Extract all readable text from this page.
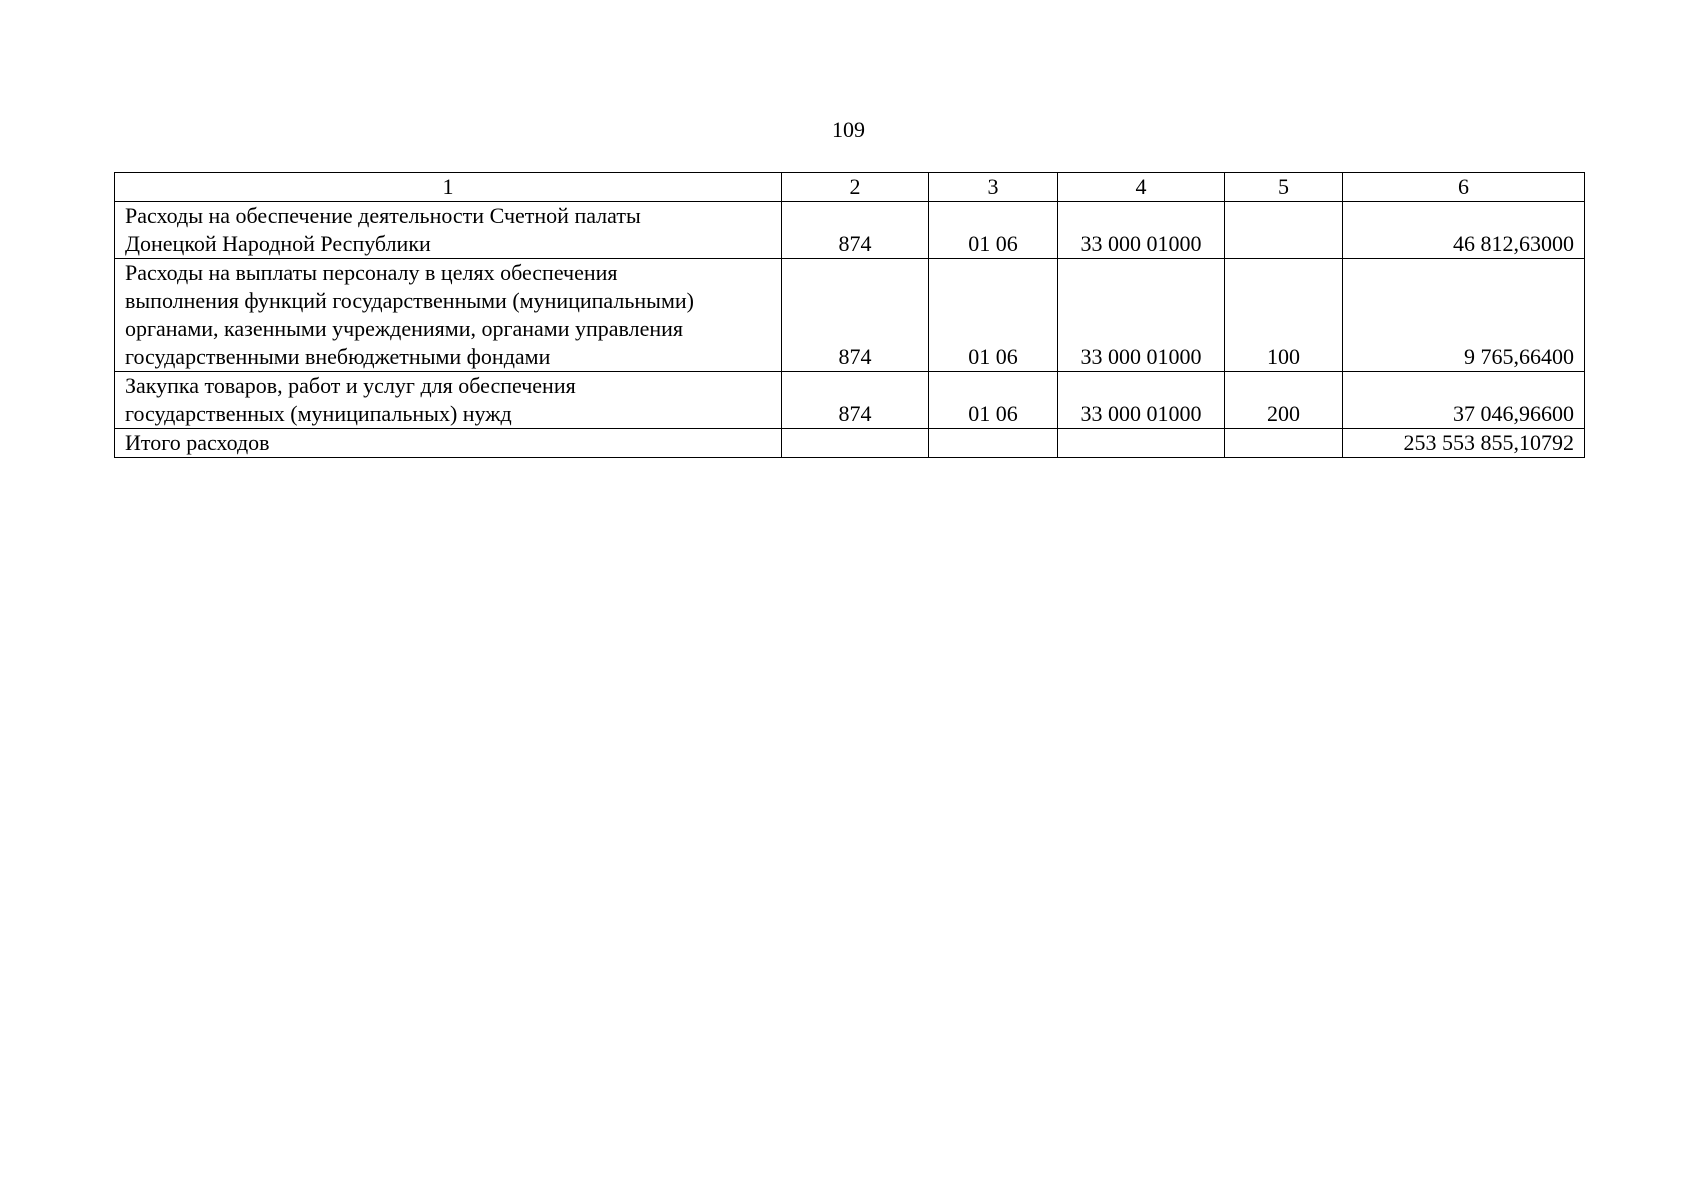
109
1	2	3	4	5	6

Расходы на обеспечение деятельности Счетной палаты
Донецкой Народной Республики	874	01 06	33 000 01000		46 812,63000

Расходы на выплаты персоналу в целях обеспечения
выполнения функций государственными (муниципальными)
органами, казенными учреждениями, органами управления
государственными внебюджетными фондами	874	01 06	33 000 01000	100	9 765,66400

Закупка товаров, работ и услуг для обеспечения
государственных (муниципальных) нужд	874	01 06	33 000 01000	200	37 046,96600
Итого расходов					253 553 855,10792
